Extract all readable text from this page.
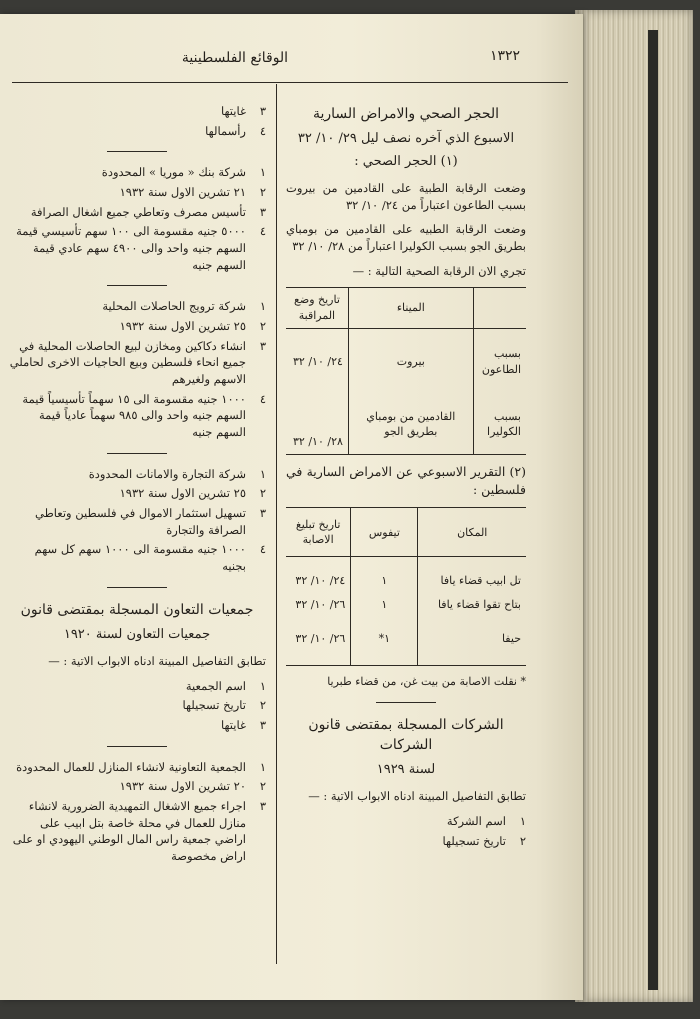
الوقائع الفلسطينية	١٣٢٢
الحجر الصحي والامراض السارية
الاسبوع الذي آخره نصف ليل ٢٩/ ١٠/ ٣٢
(١) الحجر الصحي :
وضعت الرقابة الطبية على القادمين من بيروت بسبب الطاعون اعتباراً من ٢٤/ ١٠/ ٣٢
وضعت الرقابة الطبيه على القادمين من بومباي بطريق الجو بسبب الكوليرا اعتباراً من ٢٨/ ١٠/ ٣٢
تجري الان الرقابة الصحية التالية : —
	الميناء	تاريخ وضع المراقبة
بسبب الطاعون	بيروت	٢٤/ ١٠/ ٣٢
بسبب الكوليرا	القادمين من بومباي بطريق الجو	٢٨/ ١٠/ ٣٢
(٢) التقرير الاسبوعي عن الامراض السارية في فلسطين :
المكان	تيفوس	تاريخ تبليغ الاصابة
تل ابيب قضاء يافا	١	٢٤/ ١٠/ ٣٢
بتاح تقوا قضاء يافا	١	٢٦/ ١٠/ ٣٢
حيفا	١*	٢٦/ ١٠/ ٣٢
* نقلت الاصابة من بيت غن، من قضاء طبريا
الشركات المسجلة بمقتضى قانون الشركات
لسنة ١٩٢٩
تطابق التفاصيل المبينة ادناه الابواب الاتية : —
١
اسم الشركة
٢
تاريخ تسجيلها
٣
غايتها
٤
رأسمالها
١
شركة بنك « موريا » المحدودة
٢
٢١ تشرين الاول سنة ١٩٣٢
٣
تأسيس مصرف وتعاطي جميع اشغال الصرافة
٤
٥٠٠٠ جنيه مقسومة الى ١٠٠ سهم تأسيسي قيمة السهم جنيه واحد والى ٤٩٠٠ سهم عادي قيمة السهم جنيه
١
شركة ترويج الحاصلات المحلية
٢
٢٥ تشرين الاول سنة ١٩٣٢
٣
انشاء دكاكين ومخازن لبيع الحاصلات المحلية في جميع انحاء فلسطين وبيع الحاجيات الاخرى لحاملي الاسهم ولغيرهم
٤
١٠٠٠ جنيه مقسومة الى ١٥ سهماً تأسيسياً قيمة السهم جنيه واحد والى ٩٨٥ سهماً عادياً قيمة السهم جنيه
١
شركة التجارة والامانات المحدودة
٢
٢٥ تشرين الاول سنة ١٩٣٢
٣
تسهيل استثمار الاموال في فلسطين وتعاطي الصرافة والتجارة
٤
١٠٠٠ جنيه مقسومة الى ١٠٠٠ سهم كل سهم بجنيه
جمعيات التعاون المسجلة بمقتضى قانون
جمعيات التعاون لسنة ١٩٢٠
تطابق التفاصيل المبينة ادناه الابواب الاتية : —
١
اسم الجمعية
٢
تاريخ تسجيلها
٣
غايتها
١
الجمعية التعاونية لانشاء المنازل للعمال المحدودة
٢
٢٠ تشرين الاول سنة ١٩٣٢
٣
اجراء جميع الاشغال التمهيدية الضرورية لانشاء منازل للعمال في محلة خاصة بتل ابيب على اراضي جمعية راس المال الوطني اليهودي او على اراض مخصوصة
